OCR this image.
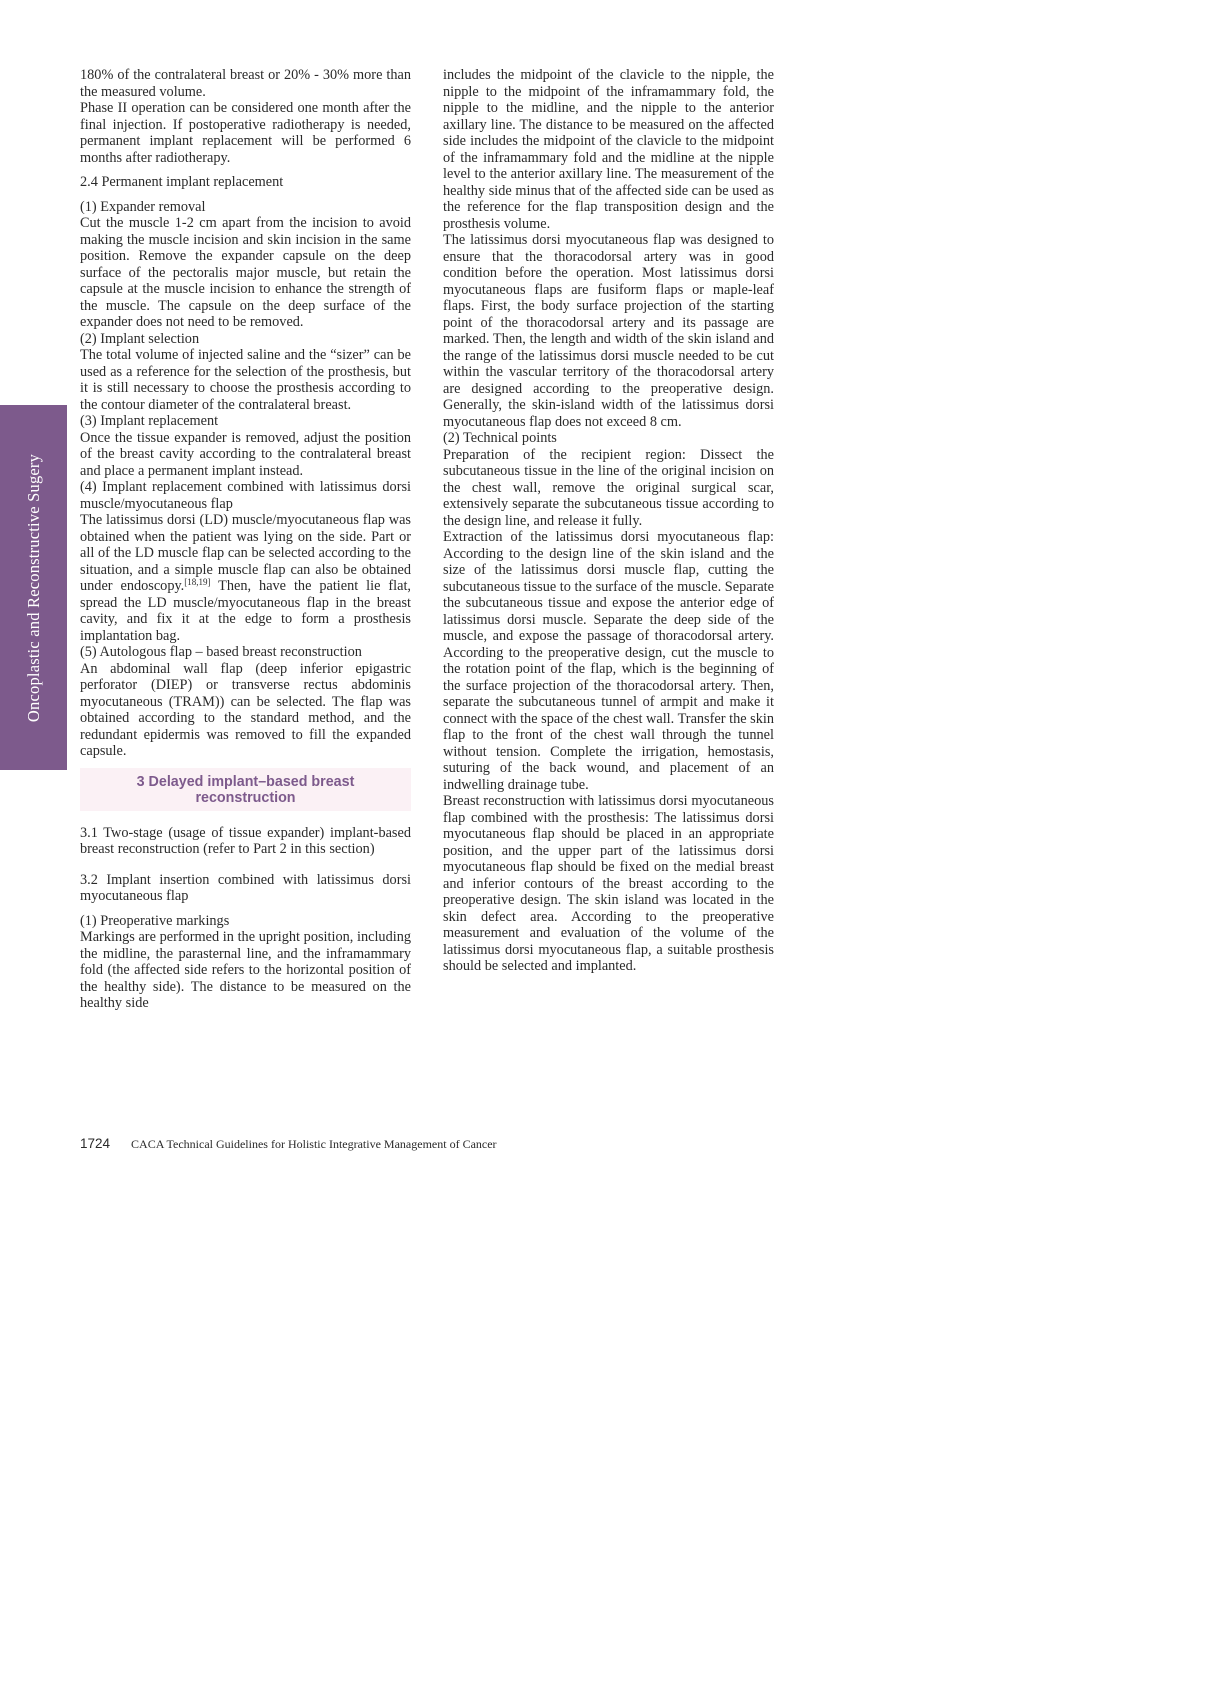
Oncoplastic and Reconstructive Sugery

180% of the contralateral breast or 20% - 30% more than the measured volume.

Phase II operation can be considered one month after the final injection. If postoperative radiotherapy is needed, permanent implant replacement will be performed 6 months after radiotherapy.

2.4 Permanent implant replacement

(1) Expander removal

Cut the muscle 1-2 cm apart from the incision to avoid making the muscle incision and skin incision in the same position. Remove the expander capsule on the deep surface of the pectoralis major muscle, but retain the capsule at the muscle incision to enhance the strength of the muscle. The capsule on the deep surface of the expander does not need to be removed.

(2) Implant selection

The total volume of injected saline and the “sizer” can be used as a reference for the selection of the prosthesis, but it is still necessary to choose the prosthesis according to the contour diameter of the contralateral breast.

(3) Implant replacement

Once the tissue expander is removed, adjust the position of the breast cavity according to the contralateral breast and place a permanent implant instead.

(4) Implant replacement combined with latissimus dorsi muscle/myocutaneous flap

The latissimus dorsi (LD) muscle/myocutaneous flap was obtained when the patient was lying on the side. Part or all of the LD muscle flap can be selected according to the situation, and a simple muscle flap can also be obtained under endoscopy.[18,19] Then, have the patient lie flat, spread the LD muscle/myocutaneous flap in the breast cavity, and fix it at the edge to form a prosthesis implantation bag.

(5) Autologous flap – based breast reconstruction

An abdominal wall flap (deep inferior epigastric perforator (DIEP) or transverse rectus abdominis myocutaneous (TRAM)) can be selected. The flap was obtained according to the standard method, and the redundant epidermis was removed to fill the expanded capsule.

3 Delayed implant–based breast reconstruction

3.1 Two-stage (usage of tissue expander) implant-based breast reconstruction (refer to Part 2 in this section)

3.2 Implant insertion combined with latissimus dorsi myocutaneous flap

(1) Preoperative markings

Markings are performed in the upright position, including the midline, the parasternal line, and the inframammary fold (the affected side refers to the horizontal position of the healthy side). The distance to be measured on the healthy side

includes the midpoint of the clavicle to the nipple, the nipple to the midpoint of the inframammary fold, the nipple to the midline, and the nipple to the anterior axillary line. The distance to be measured on the affected side includes the midpoint of the clavicle to the midpoint of the inframammary fold and the midline at the nipple level to the anterior axillary line. The measurement of the healthy side minus that of the affected side can be used as the reference for the flap transposition design and the prosthesis volume.

The latissimus dorsi myocutaneous flap was designed to ensure that the thoracodorsal artery was in good condition before the operation. Most latissimus dorsi myocutaneous flaps are fusiform flaps or maple-leaf flaps. First, the body surface projection of the starting point of the thoracodorsal artery and its passage are marked. Then, the length and width of the skin island and the range of the latissimus dorsi muscle needed to be cut within the vascular territory of the thoracodorsal artery are designed according to the preoperative design. Generally, the skin-island width of the latissimus dorsi myocutaneous flap does not exceed 8 cm.

(2) Technical points

Preparation of the recipient region: Dissect the subcutaneous tissue in the line of the original incision on the chest wall, remove the original surgical scar, extensively separate the subcutaneous tissue according to the design line, and release it fully.

Extraction of the latissimus dorsi myocutaneous flap: According to the design line of the skin island and the size of the latissimus dorsi muscle flap, cutting the subcutaneous tissue to the surface of the muscle. Separate the subcutaneous tissue and expose the anterior edge of latissimus dorsi muscle. Separate the deep side of the muscle, and expose the passage of thoracodorsal artery. According to the preoperative design, cut the muscle to the rotation point of the flap, which is the beginning of the surface projection of the thoracodorsal artery. Then, separate the subcutaneous tunnel of armpit and make it connect with the space of the chest wall. Transfer the skin flap to the front of the chest wall through the tunnel without tension. Complete the irrigation, hemostasis, suturing of the back wound, and placement of an indwelling drainage tube.

Breast reconstruction with latissimus dorsi myocutaneous flap combined with the prosthesis: The latissimus dorsi myocutaneous flap should be placed in an appropriate position, and the upper part of the latissimus dorsi myocutaneous flap should be fixed on the medial breast and inferior contours of the breast according to the preoperative design. The skin island was located in the skin defect area. According to the preoperative measurement and evaluation of the volume of the latissimus dorsi myocutaneous flap, a suitable prosthesis should be selected and implanted.

1724 CACA Technical Guidelines for Holistic Integrative Management of Cancer
